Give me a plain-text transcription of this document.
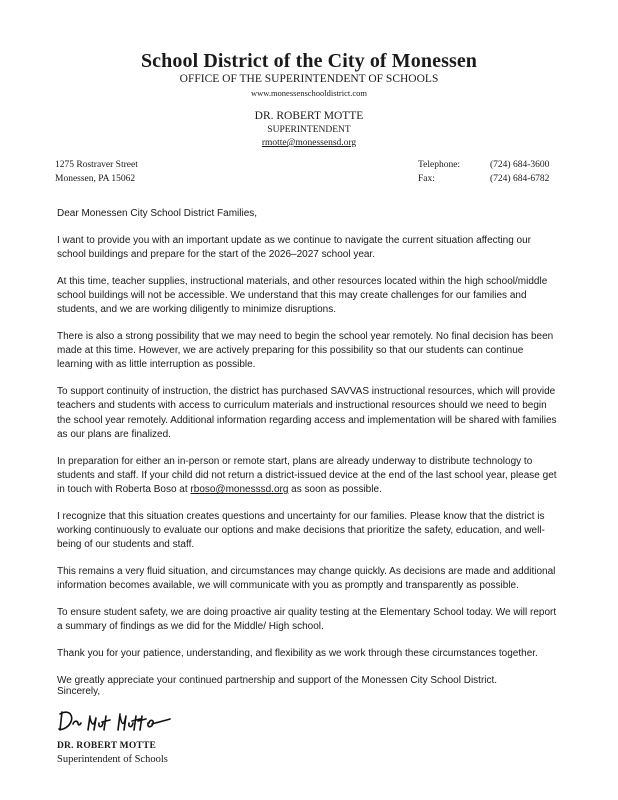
School District of the City of Monessen
OFFICE OF THE SUPERINTENDENT OF SCHOOLS
www.monessenschooldistrict.com
DR. ROBERT MOTTE
SUPERINTENDENT
rmotte@monessensd.org
1275 Rostraver Street
Monessen, PA 15062
Telephone:	(724) 684-3600
Fax:	(724) 684-6782

Dear Monessen City School District Families,

I want to provide you with an important update as we continue to navigate the current situation affecting our school buildings and prepare for the start of the 2026–2027 school year.

At this time, teacher supplies, instructional materials, and other resources located within the high school/middle school buildings will not be accessible. We understand that this may create challenges for our families and students, and we are working diligently to minimize disruptions.

There is also a strong possibility that we may need to begin the school year remotely. No final decision has been made at this time. However, we are actively preparing for this possibility so that our students can continue learning with as little interruption as possible.

To support continuity of instruction, the district has purchased SAVVAS instructional resources, which will provide teachers and students with access to curriculum materials and instructional resources should we need to begin the school year remotely. Additional information regarding access and implementation will be shared with families as our plans are finalized.

In preparation for either an in-person or remote start, plans are already underway to distribute technology to students and staff. If your child did not return a district-issued device at the end of the last school year, please get in touch with Roberta Boso at rboso@monesssd.org as soon as possible.

I recognize that this situation creates questions and uncertainty for our families. Please know that the district is working continuously to evaluate our options and make decisions that prioritize the safety, education, and well-being of our students and staff.

This remains a very fluid situation, and circumstances may change quickly. As decisions are made and additional information becomes available, we will communicate with you as promptly and transparently as possible.

To ensure student safety, we are doing proactive air quality testing at the Elementary School today. We will report a summary of findings as we did for the Middle/ High school.

Thank you for your patience, understanding, and flexibility as we work through these circumstances together.

We greatly appreciate your continued partnership and support of the Monessen City School District.

Sincerely,
DR. ROBERT MOTTE
Superintendent of Schools
